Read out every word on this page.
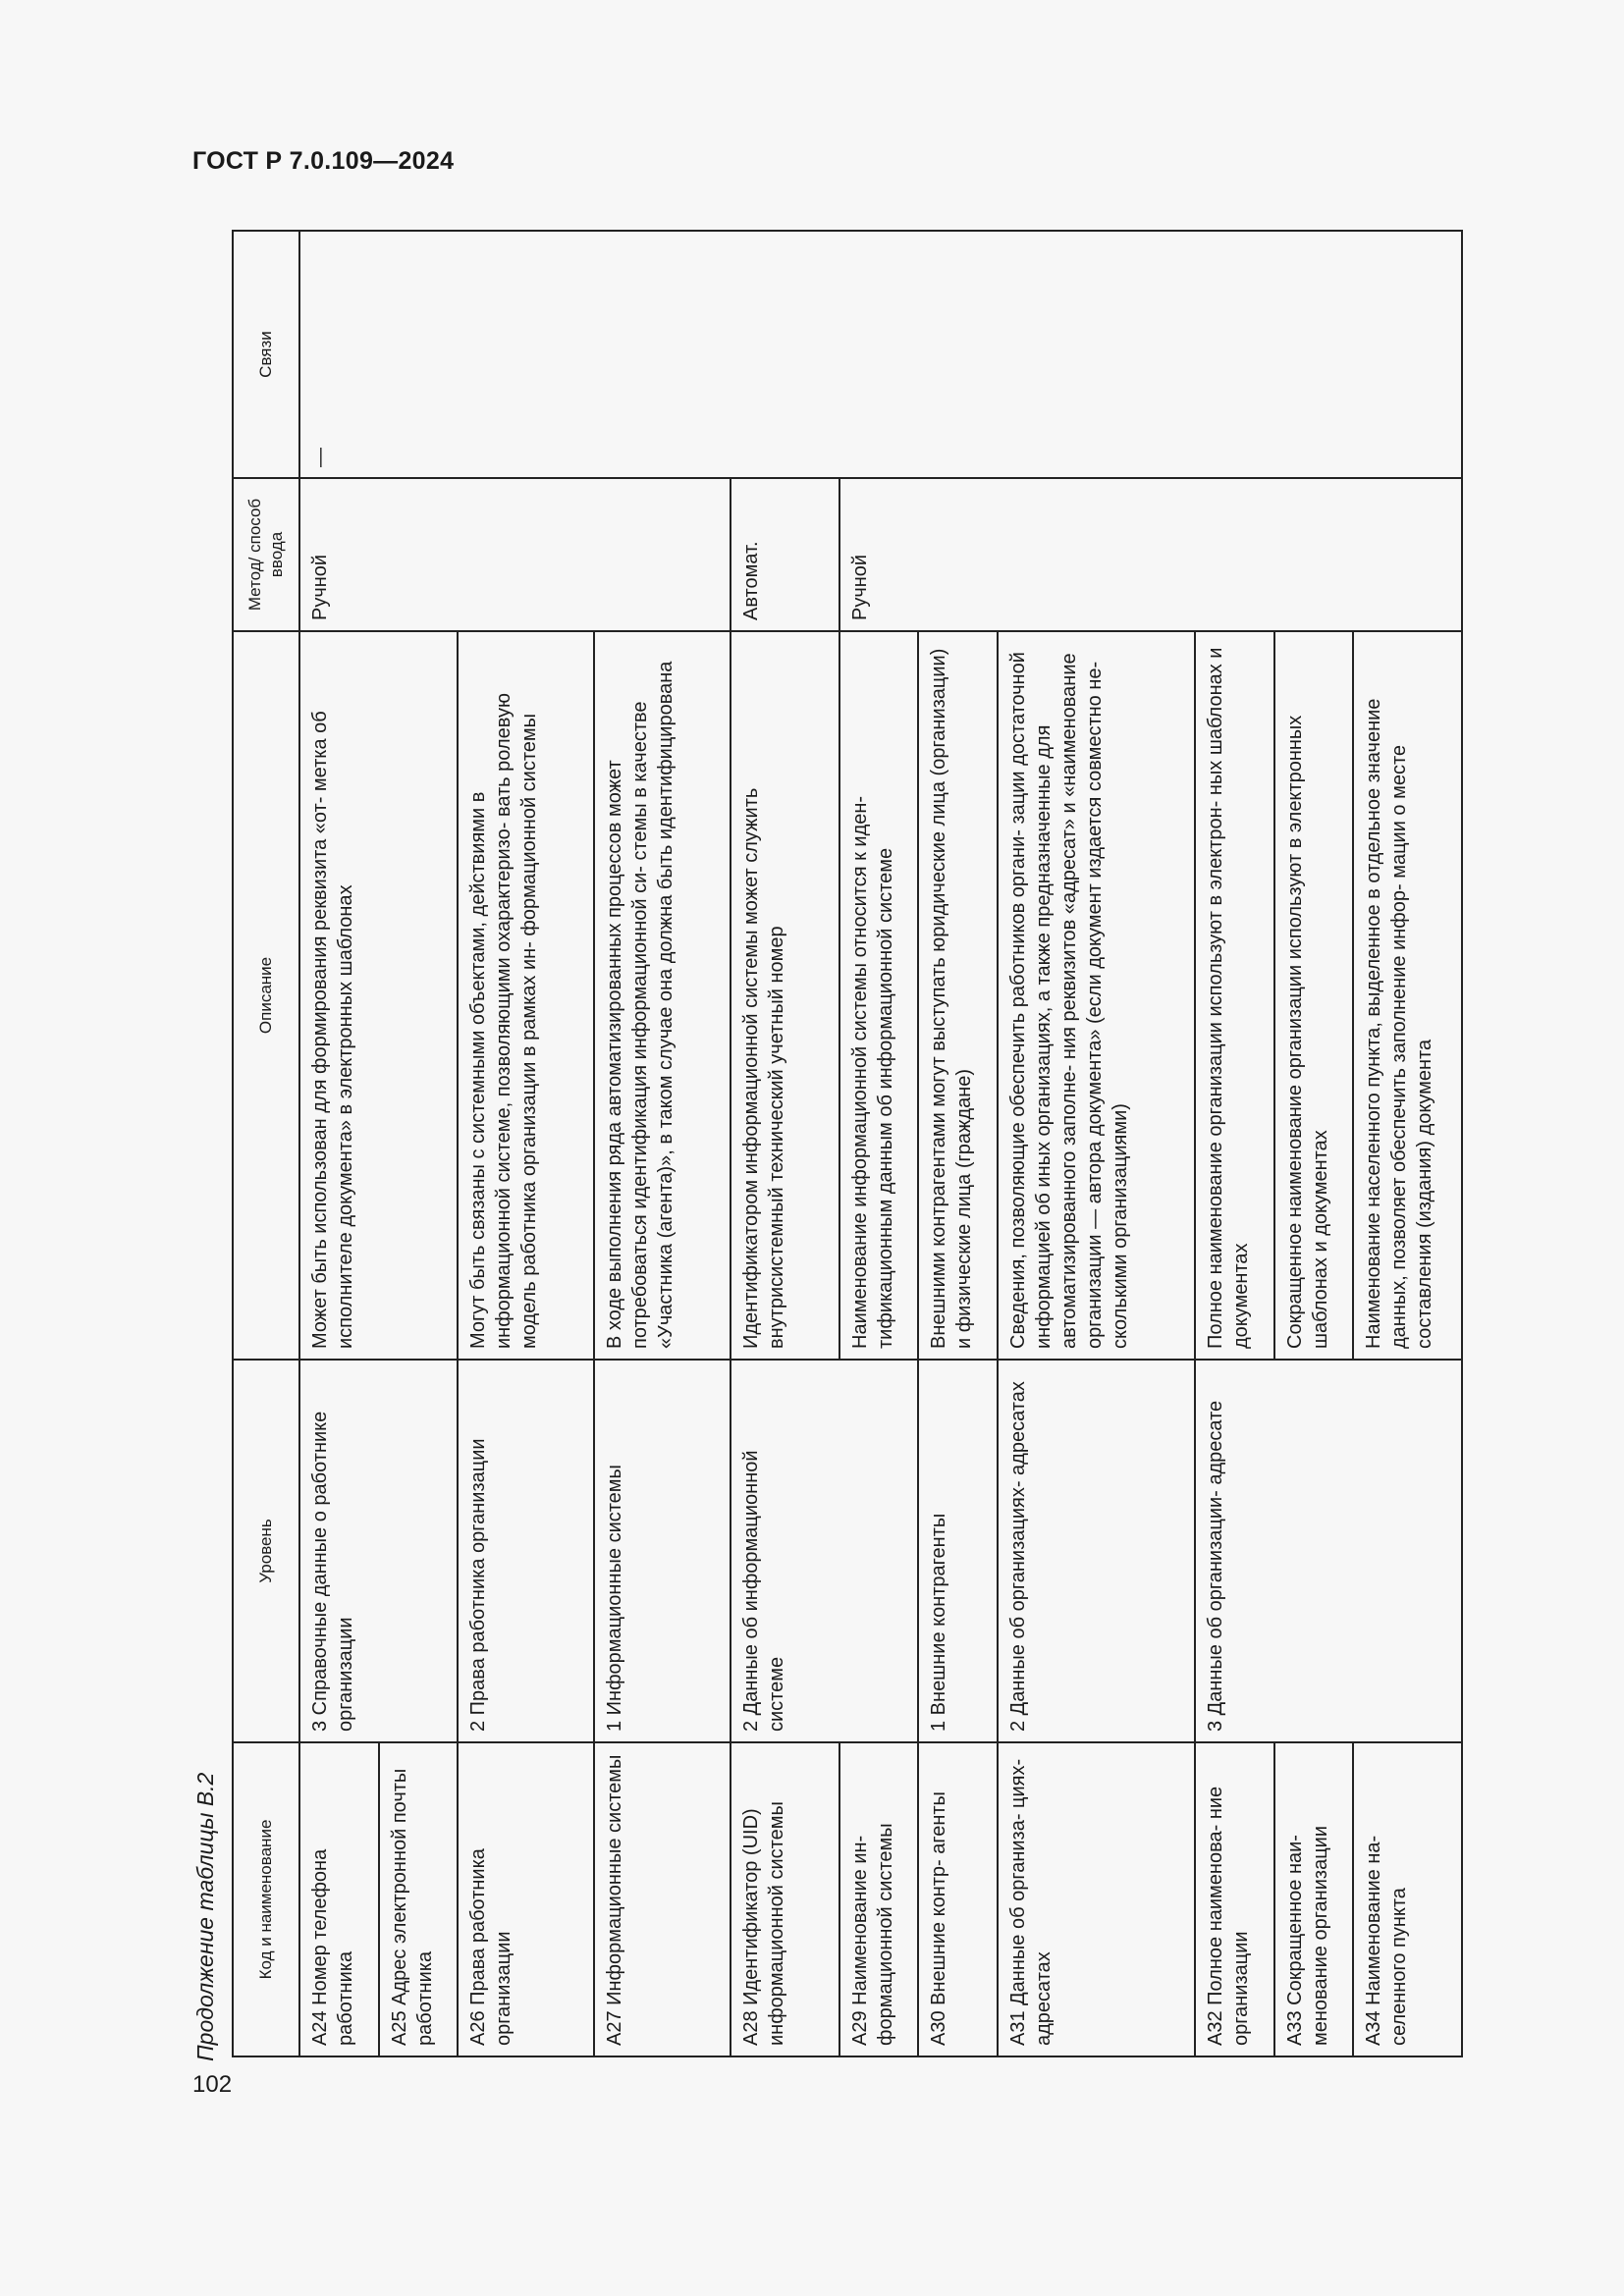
ГОСТ Р 7.0.109—2024
102
Продолжение таблицы В.2 Код и наименование	Уровень	Описание	Метод/ способ ввода	Связи
А24 Номер телефона работника	3 Справочные данные о работнике организации	Может быть использован для формирования реквизита «от- метка об исполнителе документа» в электронных шаблонах	Ручной	—
А25 Адрес электронной почты работника				
А26 Права работника организации	2 Права работника организации	Могут быть связаны с системными объектами, действиями в информационной системе, позволяющими охарактеризо- вать ролевую модель работника организации в рамках ин- формационной системы		
А27 Информационные системы	1 Информационные системы	В ходе выполнения ряда автоматизированных процессов может потребоваться идентификация информационной си- стемы в качестве «Участника (агента)», в таком случае она должна быть идентифицирована		
А28 Идентификатор (UID) информационной системы	2 Данные об информационной системе	Идентификатором информационной системы может служить внутрисистемный технический учетный номер	Автомат.	
А29 Наименование ин- формационной системы		Наименование информационной системы относится к иден- тификационным данным об информационной системе	Ручной	
А30 Внешние контр- агенты	1 Внешние контрагенты	Внешними контрагентами могут выступать юридические лица (организации) и физические лица (граждане)		
А31 Данные об организа- циях-адресатах	2 Данные об организациях- адресатах	Сведения, позволяющие обеспечить работников органи- зации достаточной информацией об иных организациях, а также предназначенные для автоматизированного заполне- ния реквизитов «адресат» и «наименование организации — автора документа» (если документ издается совместно не- сколькими организациями)		
А32 Полное наименова- ние организации	3 Данные об организации- адресате	Полное наименование организации используют в электрон- ных шаблонах и документах		
А33 Сокращенное наи- менование организации		Сокращенное наименование организации используют в электронных шаблонах и документах		
А34 Наименование на- селенного пункта		Наименование населенного пункта, выделенное в отдельное значение данных, позволяет обеспечить заполнение инфор- мации о месте составления (издания) документа		
